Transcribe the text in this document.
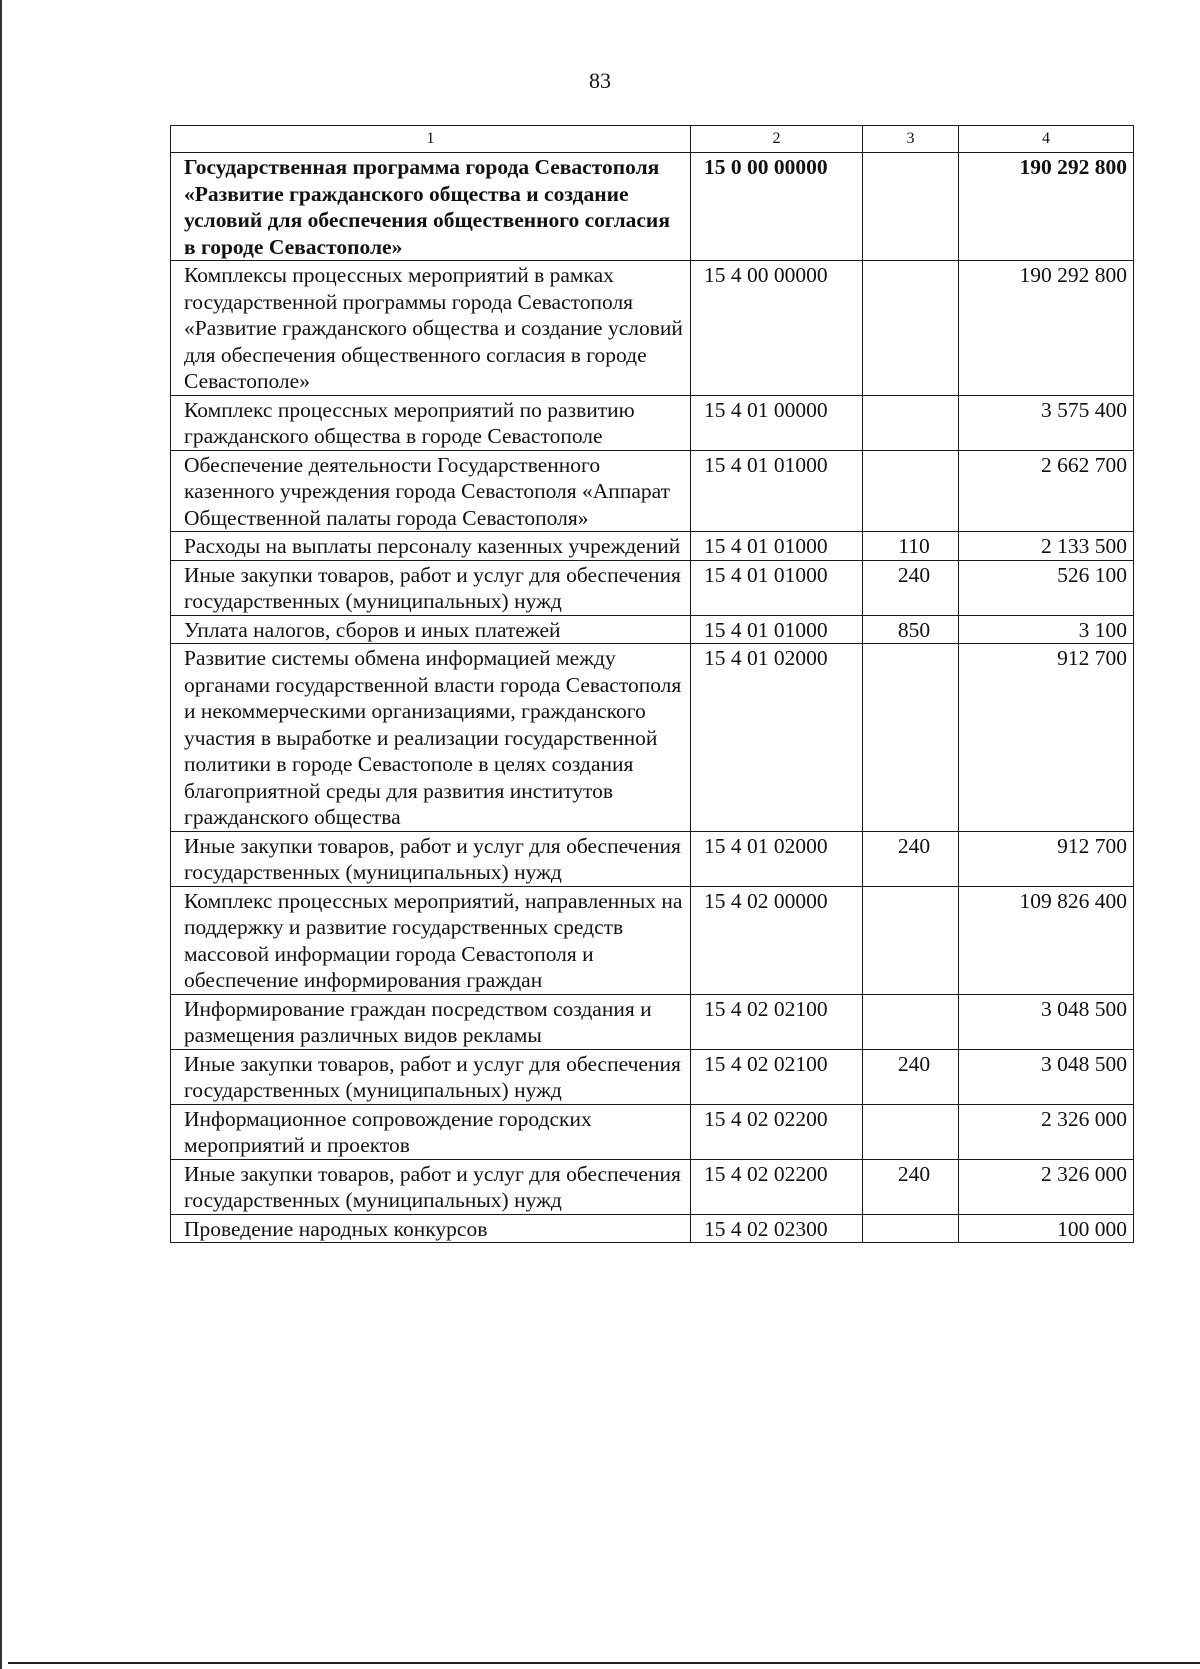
83
1	2	3	4
Государственная программа города Севастополя «Развитие гражданского общества и создание условий для обеспечения общественного согласия в городе Севастополе»	15 0 00 00000		190 292 800
Комплексы процессных мероприятий в рамках государственной программы города Севастополя «Развитие гражданского общества и создание условий для обеспечения общественного согласия в городе Севастополе»	15 4 00 00000		190 292 800
Комплекс процессных мероприятий по развитию гражданского общества в городе Севастополе	15 4 01 00000		3 575 400
Обеспечение деятельности Государственного казенного учреждения города Севастополя «Аппарат Общественной палаты города Севастополя»	15 4 01 01000		2 662 700
Расходы на выплаты персоналу казенных учреждений	15 4 01 01000	110	2 133 500
Иные закупки товаров, работ и услуг для обеспечения государственных (муниципальных) нужд	15 4 01 01000	240	526 100
Уплата налогов, сборов и иных платежей	15 4 01 01000	850	3 100
Развитие системы обмена информацией между органами государственной власти города Севастополя и некоммерческими организациями, гражданского участия в выработке и реализации государственной политики в городе Севастополе в целях создания благоприятной среды для развития институтов гражданского общества	15 4 01 02000		912 700
Иные закупки товаров, работ и услуг для обеспечения государственных (муниципальных) нужд	15 4 01 02000	240	912 700
Комплекс процессных мероприятий, направленных на поддержку и развитие государственных средств массовой информации города Севастополя и обеспечение информирования граждан	15 4 02 00000		109 826 400
Информирование граждан посредством создания и размещения различных видов рекламы	15 4 02 02100		3 048 500
Иные закупки товаров, работ и услуг для обеспечения государственных (муниципальных) нужд	15 4 02 02100	240	3 048 500
Информационное сопровождение городских мероприятий и проектов	15 4 02 02200		2 326 000
Иные закупки товаров, работ и услуг для обеспечения государственных (муниципальных) нужд	15 4 02 02200	240	2 326 000
Проведение народных конкурсов	15 4 02 02300		100 000
